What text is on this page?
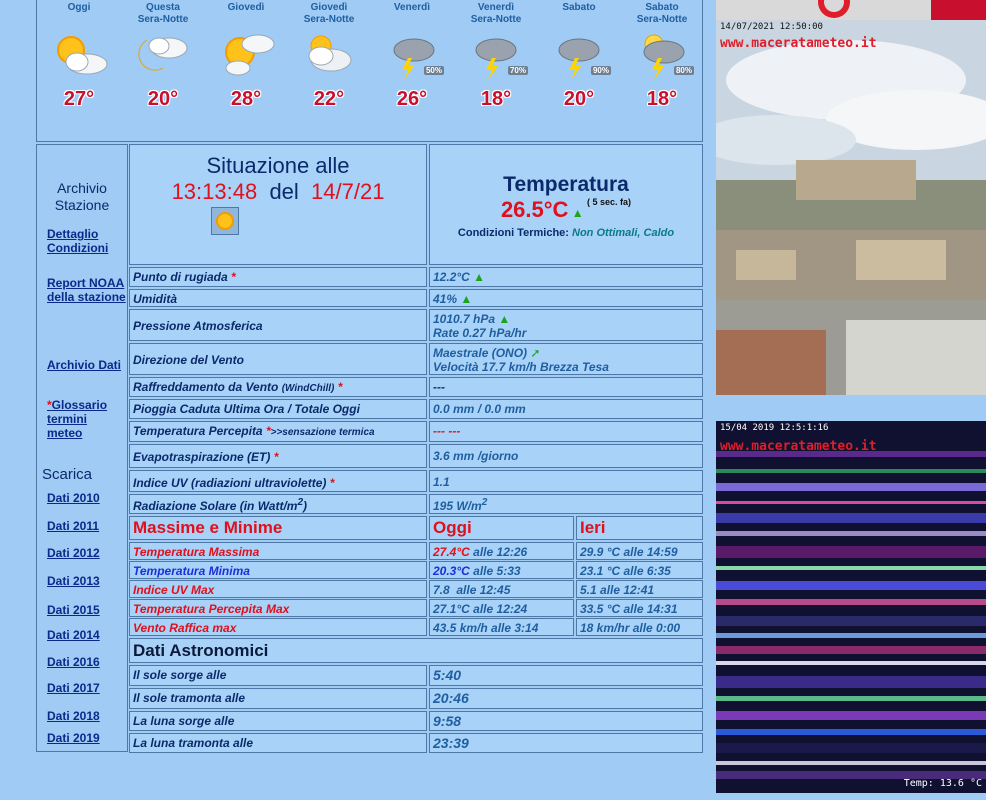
Oggi
27°
Questa
Sera-Notte
20°
Giovedì
28°
Giovedì
Sera-Notte
22°
Venerdì
50%
26°
Venerdì
Sera-Notte
70%
18°
Sabato
90%
20°
Sabato
Sera-Notte
80%
18°
Archivio
Stazione
Dettaglio
Condizioni
Report NOAA
della stazione
Archivio Dati
*Glossario
termini
meteo
Scarica
Dati 2010
Dati 2011
Dati 2012
Dati 2013
Dati 2015
Dati 2014
Dati 2016
Dati 2017
Dati 2018
Dati 2019
Situazione alle
13:13:48 del 14/7/21	Temperatura
26.5°C ▲ $^{( 5 sec. fa)}$
Condizioni Termiche: Non Ottimali, Caldo
Punto di rugiada *	12.2°C ▲
Umidità	41% ▲
Pressione Atmosferica	1010.7 hPa ▲
Rate 0.27 hPa/hr
Direzione del Vento	Maestrale (ONO) ➚
Velocità 17.7 km/h Brezza Tesa
Raffreddamento da Vento (WindChill) *	---
Pioggia Caduta Ultima Ora / Totale Oggi	0.0 mm / 0.0 mm
Temperatura Percepita *>>sensazione termica	--- ---
Evapotraspirazione (ET) *	3.6 mm /giorno
Indice UV (radiazioni ultraviolette) *	1.1
Radiazione Solare (in Watt/$m^2$)	195 $W/m^2$
Massime e Minime	Oggi	Ieri
Temperatura Massima	27.4°C alle 12:26	29.9 °C alle 14:59
Temperatura Minima	20.3°C alle 5:33	23.1 °C alle 6:35
Indice UV Max	7.8 alle 12:45	5.1 alle 12:41
Temperatura Percepita Max	27.1°C alle 12:24	33.5 °C alle 14:31
Vento Raffica max	43.5 km/h alle 3:14	18 km/hr alle 0:00
Dati Astronomici
Il sole sorge alle	5:40
Il sole tramonta alle	20:46
La luna sorge alle	9:58
La luna tramonta alle	23:39
14/07/2021 12:50:00
www.maceratameteo.it
15/04 2019 12:5:1:16
www.maceratameteo.it
Temp: 13.6 °C
